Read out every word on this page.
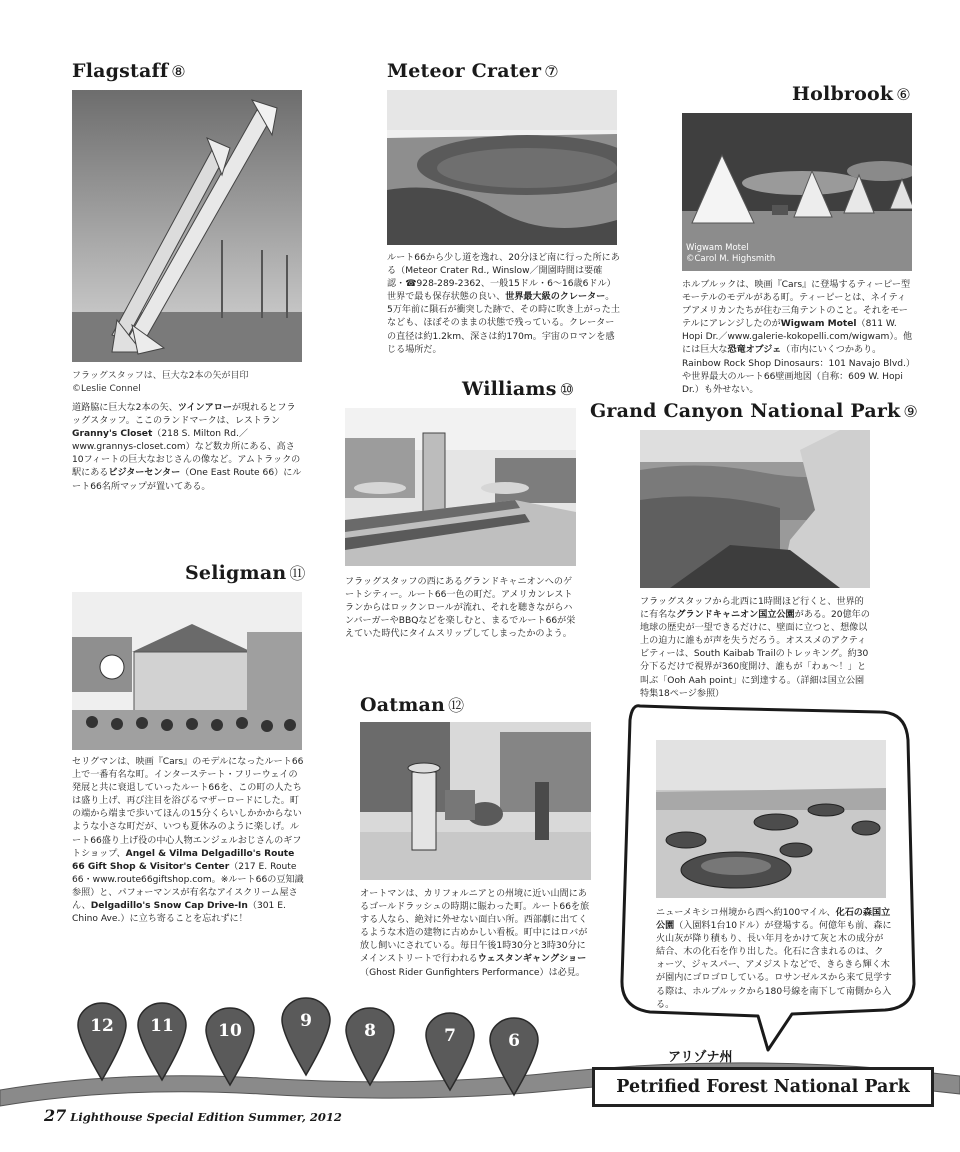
Flagstaff ⑧
フラッグスタッフは、巨大な2本の矢が目印
©Leslie Connel
道路脇に巨大な2本の矢、ツインアローが現れるとフラッグスタッフ。ここのランドマークは、レストランGranny's Closet（218 S. Milton Rd.／www.grannys-closet.com）など数カ所にある、高さ10フィートの巨大なおじさんの像など。アムトラックの駅にあるビジターセンター（One East Route 66）にルート66名所マップが置いてある。
Meteor Crater ⑦
ルート66から少し道を逸れ、20分ほど南に行った所にある（Meteor Crater Rd., Winslow／開園時間は要確認・☎928-289-2362、一般15ドル・6～16歳6ドル）世界で最も保存状態の良い、世界最大級のクレーター。5万年前に隕石が衝突した跡で、その時に吹き上がった土なども、ほぼそのままの状態で残っている。クレーターの直径は約1.2km、深さは約170m。宇宙のロマンを感じる場所だ。
Holbrook ⑥
Wigwam Motel
©Carol M. Highsmith
ホルブルックは、映画『Cars』に登場するティーピー型モーテルのモデルがある町。ティーピーとは、ネイティブアメリカンたちが住む三角テントのこと。それをモーテルにアレンジしたのがWigwam Motel（811 W. Hopi Dr.／www.galerie-kokopelli.com/wigwam）。他には巨大な恐竜オブジェ（市内にいくつかあり。Rainbow Rock Shop Dinosaurs：101 Navajo Blvd.）や世界最大のルート66壁画地図（自称：609 W. Hopi Dr.）も外せない。
Williams ⑩
フラッグスタッフの西にあるグランドキャニオンへのゲートシティー。ルート66一色の町だ。アメリカンレストランからはロックンロールが流れ、それを聴きながらハンバーガーやBBQなどを楽しむと、まるでルート66が栄えていた時代にタイムスリップしてしまったかのよう。
Grand Canyon National Park ⑨
フラッグスタッフから北西に1時間ほど行くと、世界的に有名なグランドキャニオン国立公園がある。20億年の地球の歴史が一望できるだけに、壁面に立つと、想像以上の迫力に誰もが声を失うだろう。オススメのアクティビティーは、South Kaibab Trailのトレッキング。約30分下るだけで視界が360度開け、誰もが「わぁ～！」と叫ぶ「Ooh Aah point」に到達する。（詳細は国立公園特集18ページ参照）
Seligman ⑪
セリグマンは、映画『Cars』のモデルになったルート66上で一番有名な町。インターステート・フリーウェイの発展と共に衰退していったルート66を、この町の人たちは盛り上げ、再び注目を浴びるマザーロードにした。町の端から端まで歩いてほんの15分くらいしかかからないような小さな町だが、いつも夏休みのように楽しげ。ルート66盛り上げ役の中心人物エンジェルおじさんのギフトショップ、Angel & Vilma Delgadillo's Route 66 Gift Shop & Visitor's Center（217 E. Route 66・www.route66giftshop.com。※ルート66の豆知識参照）と、パフォーマンスが有名なアイスクリーム屋さん、Delgadillo's Snow Cap Drive-In（301 E. Chino Ave.）に立ち寄ることを忘れずに！
Oatman ⑫
オートマンは、カリフォルニアとの州境に近い山間にあるゴールドラッシュの時期に賑わった町。ルート66を旅する人なら、絶対に外せない面白い所。西部劇に出てくるような木造の建物に古めかしい看板。町中にはロバが放し飼いにされている。毎日午後1時30分と3時30分にメインストリートで行われるウェスタンギャングショー（Ghost Rider Gunfighters Performance）は必見。
ニューメキシコ州境から西へ約100マイル、化石の森国立公園（入園料1台10ドル）が登場する。何億年も前、森に火山灰が降り積もり、長い年月をかけて灰と木の成分が結合、木の化石を作り出した。化石に含まれるのは、クォーツ、ジャスパー、アメジストなどで、きらきら輝く木が園内にゴロゴロしている。ロサンゼルスから来て見学する際は、ホルブルックから180号線を南下して南側から入る。
12	11	10	9	8	7	6
アリゾナ州
Petrified Forest National Park
27 Lighthouse Special Edition Summer, 2012
